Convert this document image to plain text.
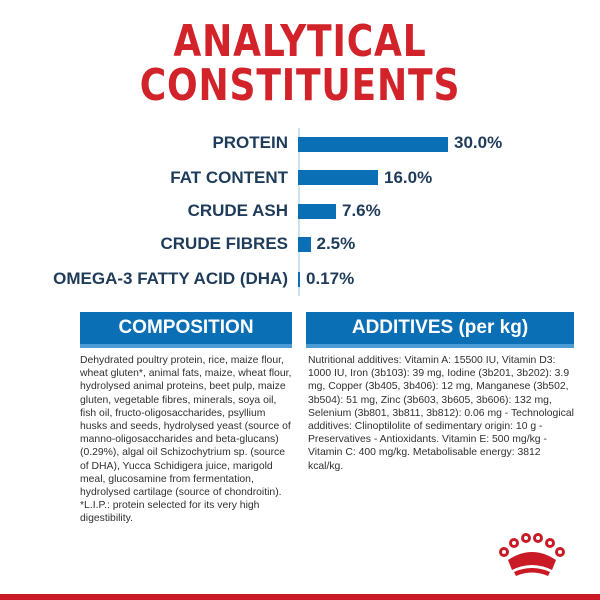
ANALYTICAL
CONSTITUENTS
PROTEIN	30.0%
FAT CONTENT	16.0%
CRUDE ASH	7.6%
CRUDE FIBRES 2.5%
OMEGA-3 FATTY ACID (DHA) 0.17%
COMPOSITION	ADDITIVES (per kg)
Dehydrated poultry protein, rice, maize flour, wheat gluten*, animal fats, maize, wheat flour, hydrolysed animal proteins, beet pulp, maize gluten, vegetable fibres, minerals, soya oil, fish oil, fructo-oligosaccharides, psyllium husks and seeds, hydrolysed yeast (source of manno-oligosaccharides and beta-glucans) (0.29%), algal oil Schizochytrium sp. (source of DHA), Yucca Schidigera juice, marigold meal, glucosamine from fermentation, hydrolysed cartilage (source of chondroitin). *L.I.P.: protein selected for its very high digestibility.
Nutritional additives: Vitamin A: 15500 IU, Vitamin D3: 1000 IU, Iron (3b103): 39 mg, Iodine (3b201, 3b202): 3.9 mg, Copper (3b405, 3b406): 12 mg, Manganese (3b502, 3b504): 51 mg, Zinc (3b603, 3b605, 3b606): 132 mg, Selenium (3b801, 3b811, 3b812): 0.06 mg - Technological additives: Clinoptilolite of sedimentary origin: 10 g - Preservatives - Antioxidants. Vitamin E: 500 mg/kg - Vitamin C: 400 mg/kg. Metabolisable energy: 3812 kcal/kg.
